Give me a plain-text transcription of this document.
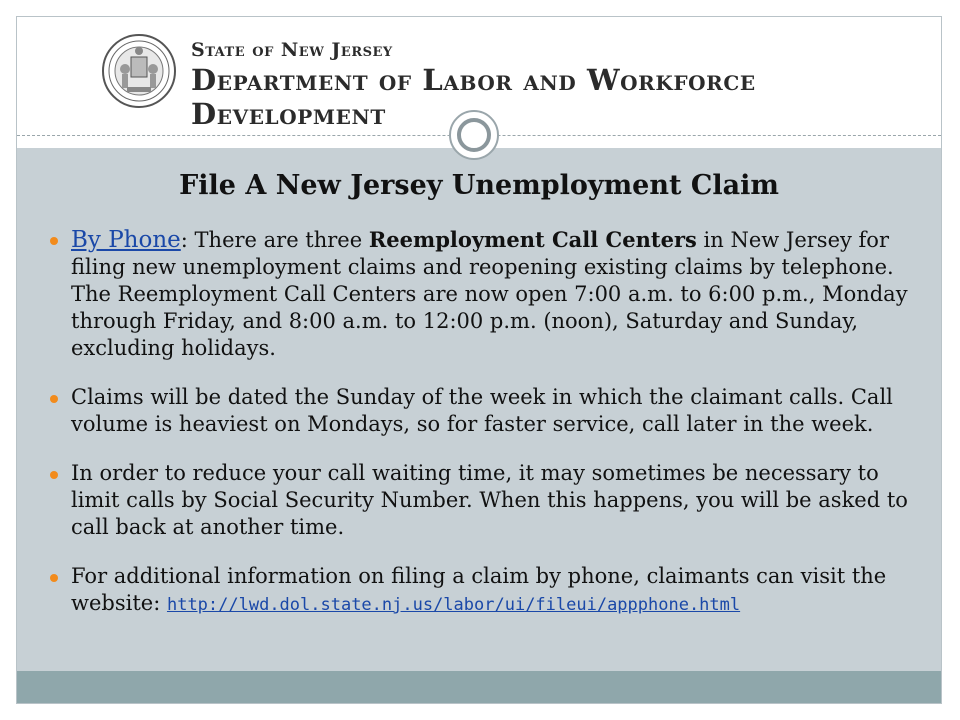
State of New Jersey
Department of Labor and Workforce Development
File A New Jersey Unemployment Claim
By Phone: There are three Reemployment Call Centers in New Jersey for filing new unemployment claims and reopening existing claims by telephone. The Reemployment Call Centers are now open 7:00 a.m. to 6:00 p.m., Monday through Friday, and 8:00 a.m. to 12:00 p.m. (noon), Saturday and Sunday, excluding holidays.
Claims will be dated the Sunday of the week in which the claimant calls. Call volume is heaviest on Mondays, so for faster service, call later in the week.
In order to reduce your call waiting time, it may sometimes be necessary to limit calls by Social Security Number. When this happens, you will be asked to call back at another time.
For additional information on filing a claim by phone, claimants can visit the website: http://lwd.dol.state.nj.us/labor/ui/fileui/appphone.html
